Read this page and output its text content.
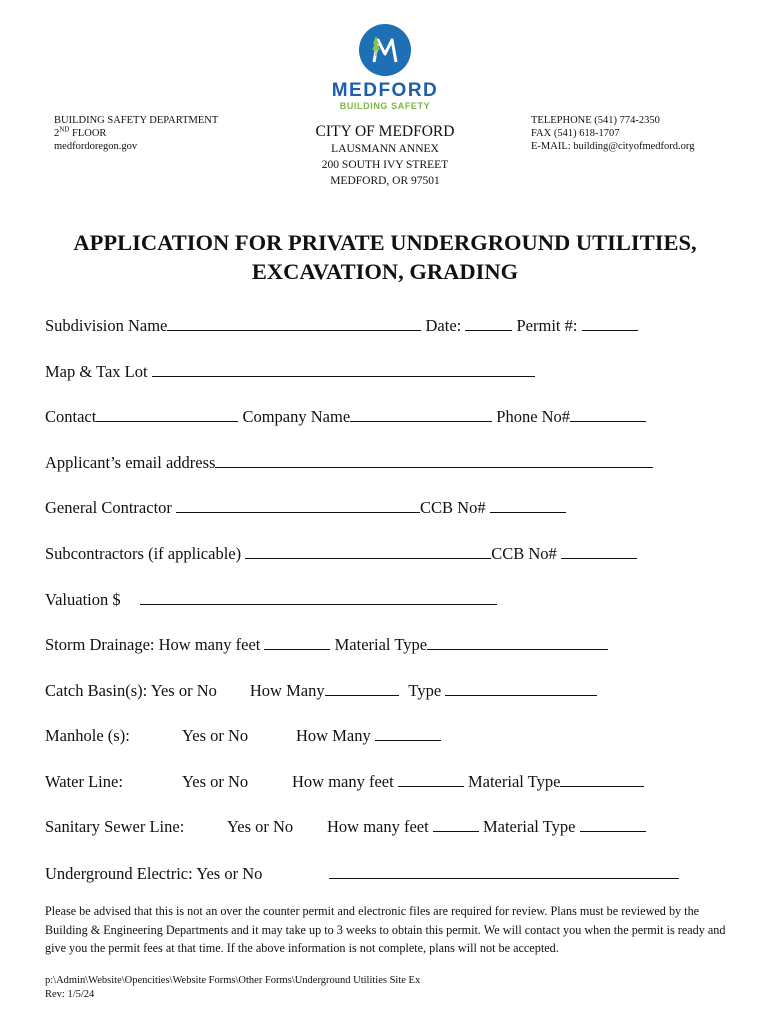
MEDFORD
BUILDING SAFETY
BUILDING SAFETY DEPARTMENT
2ND FLOOR
medfordoregon.gov
CITY OF MEDFORD
LAUSMANN ANNEX
200 SOUTH IVY STREET
MEDFORD, OR 97501
TELEPHONE (541) 774-2350
FAX (541) 618-1707
E-MAIL: building@cityofmedford.org
APPLICATION FOR PRIVATE UNDERGROUND UTILITIES,
EXCAVATION, GRADING
Subdivision Name	Date:	Permit #:
Map & Tax Lot
Contact	Company Name	Phone No#
Applicant’s email address
General Contractor	CCB No#
Subcontractors (if applicable)	CCB No#
Valuation $
Storm Drainage: How many feet	Material Type
Catch Basin(s): Yes or No How Many	Type
Manhole (s):	Yes or No	How Many
Water Line:	Yes or No	How many feet	Material Type
Sanitary Sewer Line:	Yes or No How many feet	Material Type
Underground Electric: Yes or No
Please be advised that this is not an over the counter permit and electronic files are required for review. Plans must be reviewed by the Building & Engineering Departments and it may take up to 3 weeks to obtain this permit. We will contact you when the permit is ready and give you the permit fees at that time. If the above information is not complete, plans will not be accepted.
p:\Admin\Website\Opencities\Website Forms\Other Forms\Underground Utilities Site Ex
Rev: 1/5/24
